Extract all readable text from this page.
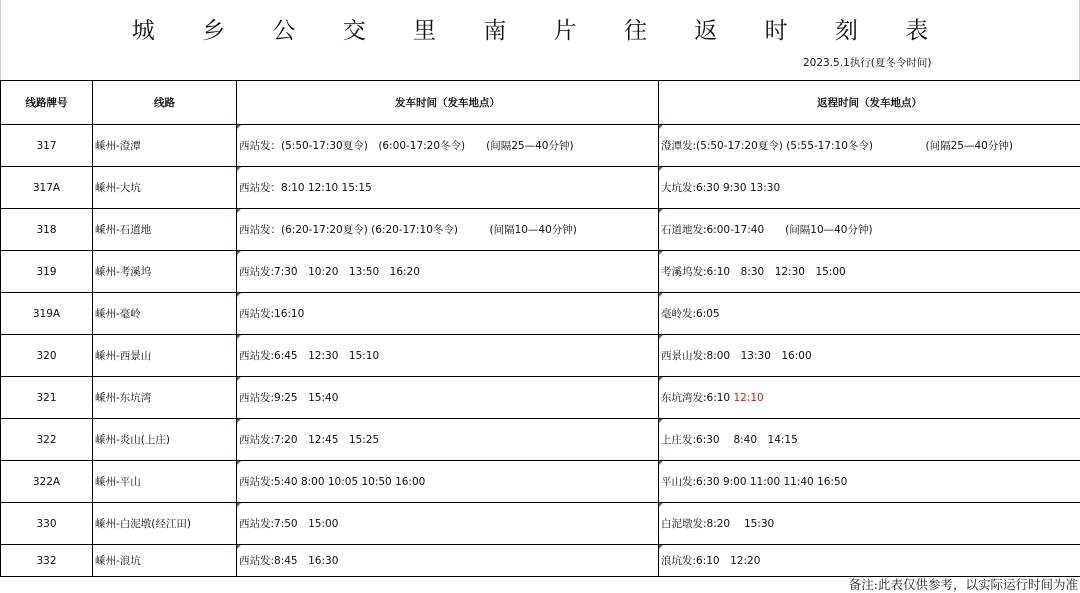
城 乡 公 交 里 南 片 往 返 时 刻 表
2023.5.1执行(夏冬令时间)
线路牌号	线路	发车时间（发车地点）	返程时间（发车地点）
317	嵊州-澄潭	西站发：(5:50-17:30夏令)　(6:00-17:20冬令)　　(间隔25—40分钟)	澄潭发:(5:50-17:20夏令) (5:55-17:10冬令)　　　　　(间隔25—40分钟)
317A	嵊州-大坑	西站发：8:10 12:10 15:15	大坑发:6:30 9:30 13:30
318	嵊州-石道地	西站发：(6:20-17:20夏令) (6:20-17:10冬令)　　　(间隔10—40分钟)	石道地发:6:00-17:40　　(间隔10—40分钟)
319	嵊州-考溪坞	西站发:7:30　10:20　13:50　16:20	考溪坞发:6:10　8:30　12:30　15:00
319A	嵊州-毫岭	西站发:16:10	毫岭发:6:05
320	嵊州-西景山	西站发:6:45　12:30　15:10	西景山发:8:00　13:30　16:00
321	嵊州-东坑湾	西站发:9:25　15:40	东坑湾发:6:10 12:10
322	嵊州-炎山(上庄)	西站发:7:20　12:45　15:25	上庄发:6:30　 8:40　14:15
322A	嵊州-平山	西站发:5:40 8:00 10:05 10:50 16:00	平山发:6:30 9:00 11:00 11:40 16:50
330	嵊州-白泥墩(经江田)	西站发:7:50　15:00	白泥墩发:8:20　 15:30
332	嵊州-浪坑	西站发:8:45　16:30	浪坑发:6:10　12:20
备注:此表仅供参考，以实际运行时间为准
